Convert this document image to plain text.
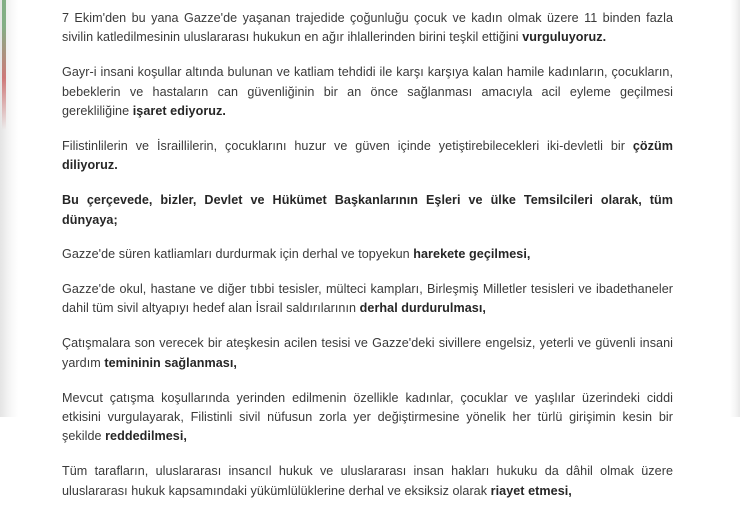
7 Ekim'den bu yana Gazze'de yaşanan trajedide çoğunluğu çocuk ve kadın olmak üzere 11 binden fazla sivilin katledilmesinin uluslararası hukukun en ağır ihlallerinden birini teşkil ettiğini vurguluyoruz.

Gayr-i insani koşullar altında bulunan ve katliam tehdidi ile karşı karşıya kalan hamile kadınların, çocukların, bebeklerin ve hastaların can güvenliğinin bir an önce sağlanması amacıyla acil eyleme geçilmesi gerekliliğine işaret ediyoruz.

Filistinlilerin ve İsraillilerin, çocuklarını huzur ve güven içinde yetiştirebilecekleri iki-devletli bir çözüm diliyoruz.

Bu çerçevede, bizler, Devlet ve Hükümet Başkanlarının Eşleri ve ülke Temsilcileri olarak, tüm dünyaya;

Gazze'de süren katliamları durdurmak için derhal ve topyekun harekete geçilmesi,

Gazze'de okul, hastane ve diğer tıbbi tesisler, mülteci kampları, Birleşmiş Milletler tesisleri ve ibadethaneler dahil tüm sivil altyapıyı hedef alan İsrail saldırılarının derhal durdurulması,

Çatışmalara son verecek bir ateşkesin acilen tesisi ve Gazze'deki sivillere engelsiz, yeterli ve güvenli insani yardım temininin sağlanması,

Mevcut çatışma koşullarında yerinden edilmenin özellikle kadınlar, çocuklar ve yaşlılar üzerindeki ciddi etkisini vurgulayarak, Filistinli sivil nüfusun zorla yer değiştirmesine yönelik her türlü girişimin kesin bir şekilde reddedilmesi,

Tüm tarafların, uluslararası insancıl hukuk ve uluslararası insan hakları hukuku da dâhil olmak üzere uluslararası hukuk kapsamındaki yükümlülüklerine derhal ve eksiksiz olarak riayet etmesi,
